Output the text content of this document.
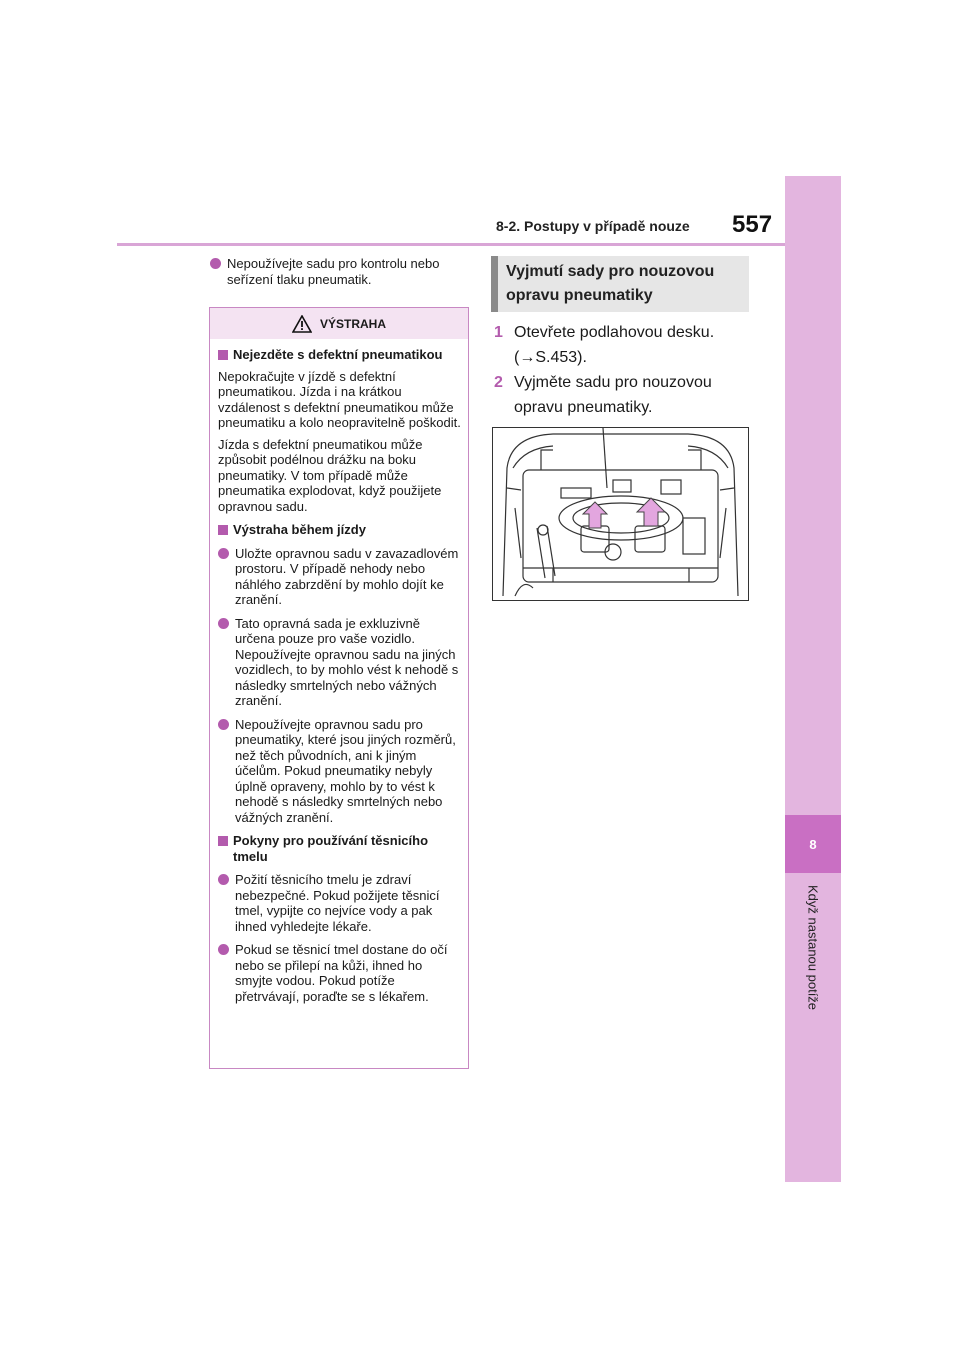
8-2. Postupy v případě nouze 557
8
Když nastanou potíže
Nepoužívejte sadu pro kontrolu nebo seřízení tlaku pneumatik.
VÝSTRAHA
Nejezděte s defektní pneumatikou
Nepokračujte v jízdě s defektní pneumatikou. Jízda i na krátkou vzdálenost s defektní pneumatikou může pneumatiku a kolo neopravitelně poškodit.
Jízda s defektní pneumatikou může způsobit podélnou drážku na boku pneumatiky. V tom případě může pneumatika explodovat, když použijete opravnou sadu.
Výstraha během jízdy
Uložte opravnou sadu v zavazadlovém prostoru. V případě nehody nebo náhlého zabrzdění by mohlo dojít ke zranění.
Tato opravná sada je exkluzivně určena pouze pro vaše vozidlo. Nepoužívejte opravnou sadu na jiných vozidlech, to by mohlo vést k nehodě s následky smrtelných nebo vážných zranění.
Nepoužívejte opravnou sadu pro pneumatiky, které jsou jiných rozměrů, než těch původních, ani k jiným účelům. Pokud pneumatiky nebyly úplně opraveny, mohlo by to vést k nehodě s následky smrtelných nebo vážných zranění.
Pokyny pro používání těsnicího tmelu
Požití těsnicího tmelu je zdraví nebezpečné. Pokud požijete těsnicí tmel, vypijte co nejvíce vody a pak ihned vyhledejte lékaře.
Pokud se těsnicí tmel dostane do očí nebo se přilepí na kůži, ihned ho smyjte vodou. Pokud potíže přetrvávají, poraďte se s lékařem.
Vyjmutí sady pro nouzovou opravu pneumatiky
1 Otevřete podlahovou desku.
(→S.453).
2 Vyjměte sadu pro nouzovou opravu pneumatiky.
